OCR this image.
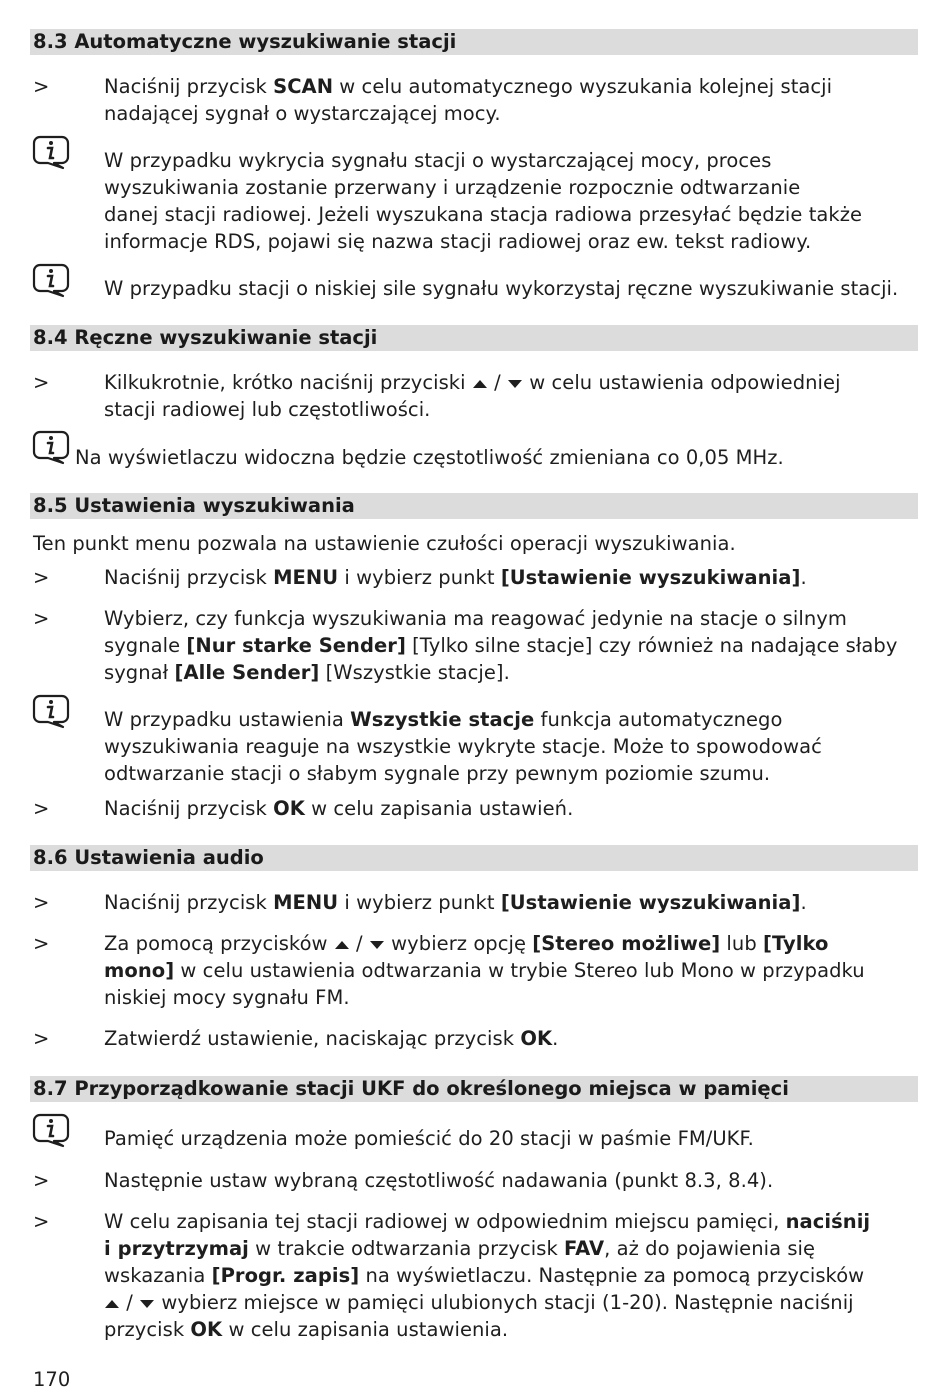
8.3 Automatyczne wyszukiwanie stacji
>	Naciśnij przycisk SCAN w celu automatycznego wyszukania kolejnej stacji
nadającej sygnał o wystarczającej mocy.
W przypadku wykrycia sygnału stacji o wystarczającej mocy, proces
wyszukiwania zostanie przerwany i urządzenie rozpocznie odtwarzanie
danej stacji radiowej. Jeżeli wyszukana stacja radiowa przesyłać będzie także
informacje RDS, pojawi się nazwa stacji radiowej oraz ew. tekst radiowy.
W przypadku stacji o niskiej sile sygnału wykorzystaj ręczne wyszukiwanie stacji.
8.4 Ręczne wyszukiwanie stacji
>	Kilkukrotnie, krótko naciśnij przyciski  /  w celu ustawienia odpowiedniej
stacji radiowej lub częstotliwości.
Na wyświetlaczu widoczna będzie częstotliwość zmieniana co 0,05 MHz.
8.5 Ustawienia wyszukiwania
Ten punkt menu pozwala na ustawienie czułości operacji wyszukiwania.
>	Naciśnij przycisk MENU i wybierz punkt [Ustawienie wyszukiwania].
>	Wybierz, czy funkcja wyszukiwania ma reagować jedynie na stacje o silnym
sygnale [Nur starke Sender] [Tylko silne stacje] czy również na nadające słaby
sygnał [Alle Sender] [Wszystkie stacje].
W przypadku ustawienia Wszystkie stacje funkcja automatycznego
wyszukiwania reaguje na wszystkie wykryte stacje. Może to spowodować
odtwarzanie stacji o słabym sygnale przy pewnym poziomie szumu.
>	Naciśnij przycisk OK w celu zapisania ustawień.
8.6 Ustawienia audio
>	Naciśnij przycisk MENU i wybierz punkt [Ustawienie wyszukiwania].
>	Za pomocą przycisków  /  wybierz opcję [Stereo możliwe] lub [Tylko
mono] w celu ustawienia odtwarzania w trybie Stereo lub Mono w przypadku
niskiej mocy sygnału FM.
>	Zatwierdź ustawienie, naciskając przycisk OK.
8.7 Przyporządkowanie stacji UKF do określonego miejsca w pamięci
Pamięć urządzenia może pomieścić do 20 stacji w paśmie FM/UKF.
>	Następnie ustaw wybraną częstotliwość nadawania (punkt 8.3, 8.4).
>	W celu zapisania tej stacji radiowej w odpowiednim miejscu pamięci, naciśnij
i przytrzymaj w trakcie odtwarzania przycisk FAV, aż do pojawienia się
wskazania [Progr. zapis] na wyświetlaczu. Następnie za pomocą przycisków
/  wybierz miejsce w pamięci ulubionych stacji (1-20). Następnie naciśnij
przycisk OK w celu zapisania ustawienia.
170
